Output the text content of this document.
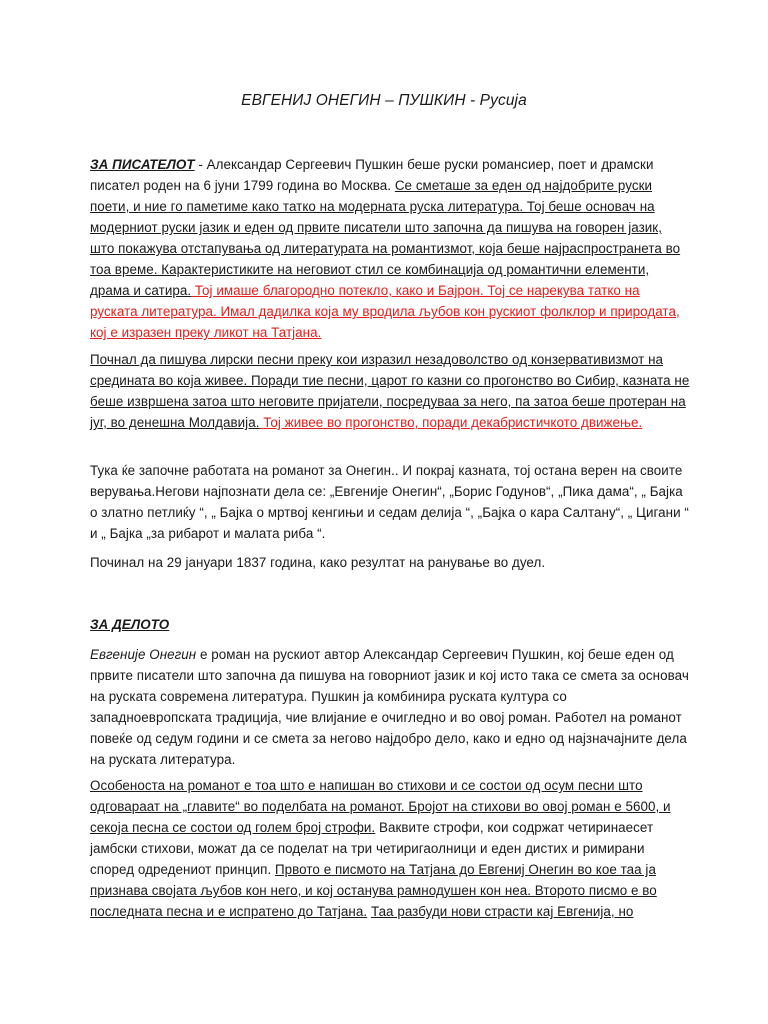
ЕВГЕНИЈ ОНЕГИН – ПУШКИН - Русија

ЗА ПИСАТЕЛОТ - Александар Сергеевич Пушкин беше руски романсиер, поет и драмски писател роден на 6 јуни 1799 година во Москва. Се сметаше за еден од најдобрите руски поети, и ние го паметиме како татко на модерната руска литература. Тој беше основач на модерниот руски јазик и еден од првите писатели што започна да пишува на говорен јазик, што покажува отстапувања од литературата на романтизмот, која беше најраспространета во тоа време. Карактеристиките на неговиот стил се комбинација од романтични елементи, драма и сатира. Тој имаше благородно потекло, како и Бајрон. Тој се нарекува татко на руската литература. Имал дадилка која му вродила љубов кон рускиот фолклор и природата, кој е изразен преку ликот на Татјана.

Почнал да пишува лирски песни преку кои изразил незадоволство од конзервативизмот на средината во која живее. Поради тие песни, царот го казни со прогонство во Сибир, казната не беше извршена затоа што неговите пријатели, посредуваа за него, па затоа беше протеран на југ, во денешна Молдавија. Тој живее во прогонство, поради декабристичкото движење.

Тука ќе започне работата на романот за Онегин.. И покрај казната, тој остана верен на своите верувања.Негови најпознати дела се: „Евгеније Онегин“, „Борис Годунов“, „Пика дама“, „ Бајка о златно петлиќу “, „ Бајка о мртвој кенгињи и седам делија “, „Бајка о кара Салтану“, „ Цигани “ и „ Бајка „за рибарот и малата риба “.

Починал на 29 јануари 1837 година, како резултат на ранување во дуел.

ЗА ДЕЛОТО

Евгеније Онегин е роман на рускиот автор Александар Сергеевич Пушкин, кој беше еден од првите писатели што започна да пишува на говорниот јазик и кој исто така се смета за основач на руската современа литература. Пушкин ја комбинира руската култура со западноевропската традиција, чие влијание е очигледно и во овој роман. Работел на романот повеќе од седум години и се смета за негово најдобро дело, како и едно од најзначајните дела на руската литература.

Особеноста на романот е тоа што е напишан во стихови и се состои од осум песни што одговараат на „главите“ во поделбата на романот. Бројот на стихови во овој роман е 5600, и секоја песна се состои од голем број строфи. Ваквите строфи, кои содржат четиринаесет јамбски стихови, можат да се поделат на три четиригаолници и еден дистих и римирани според одредениот принцип. Првото е писмото на Татјана до Евгениј Онегин во кое таа ја признава својата љубов кон него, и кој останува рамнодушен кон неа. Второто писмо е во последната песна и е испратено до Татјана. Таа разбуди нови страсти кај Евгенија, но
